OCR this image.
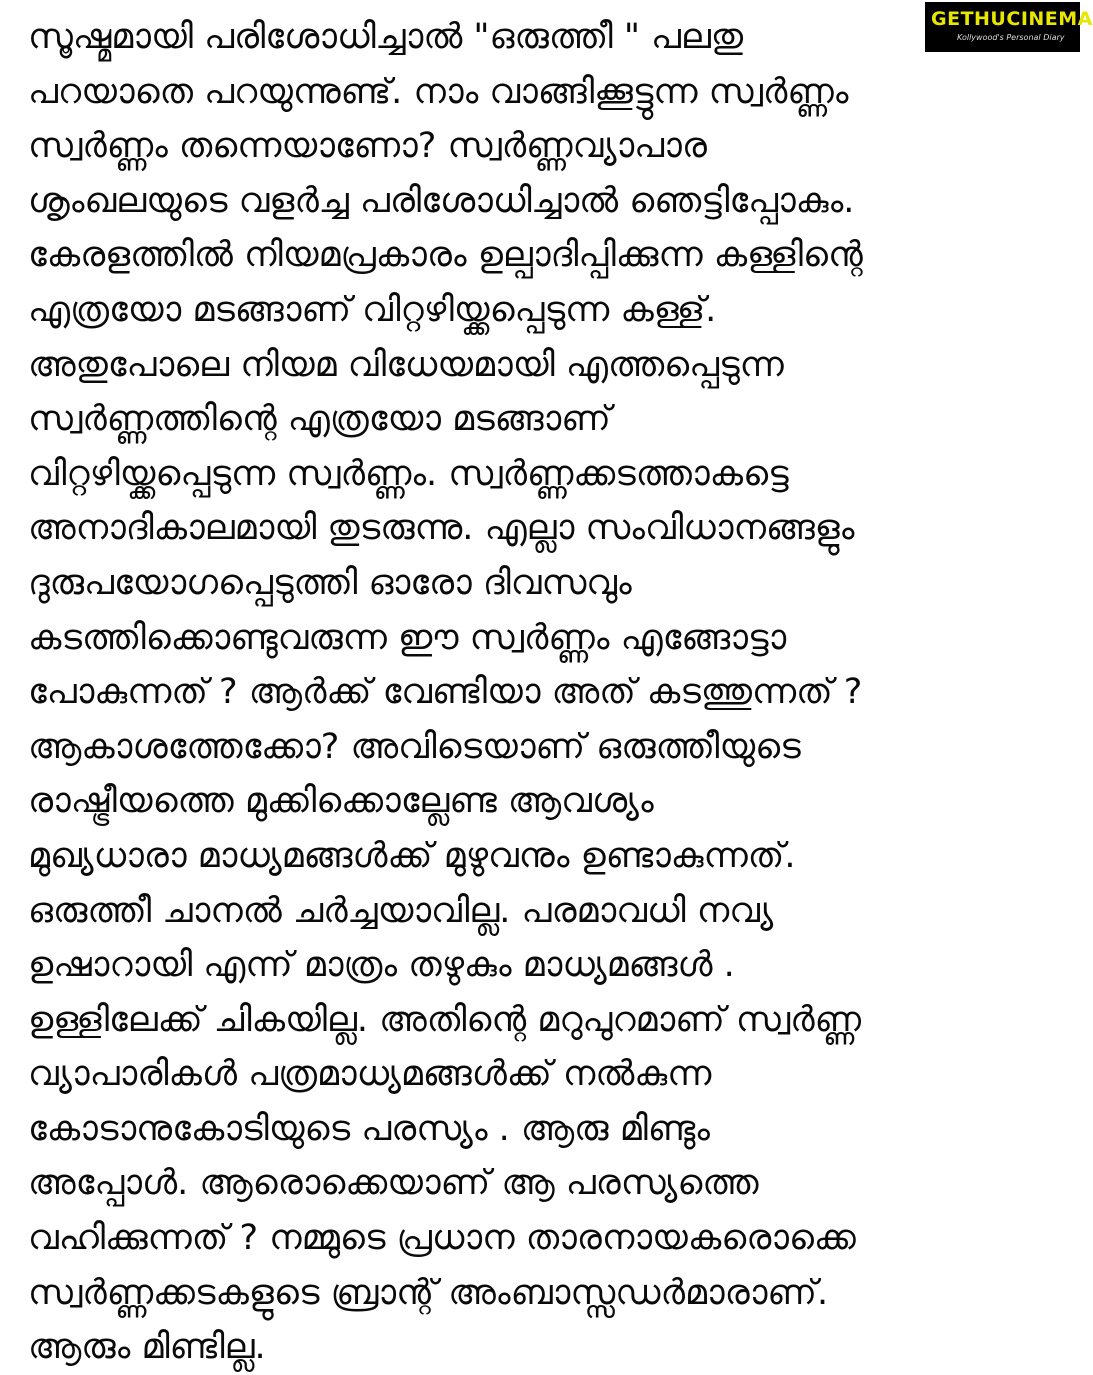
സൂഷ്മമായി പരിശോധിച്ചാൽ "ഒരുത്തീ " പലതു
പറയാതെ പറയുന്നുണ്ട്. നാം വാങ്ങിക്കൂട്ടുന്ന സ്വർണ്ണം
സ്വർണ്ണം തന്നെയാണോ? സ്വർണ്ണവ്യാപാര
ശൃംഖലയുടെ വളർച്ച പരിശോധിച്ചാൽ ഞെട്ടിപ്പോകും.
കേരളത്തിൽ നിയമപ്രകാരം ഉല്പാദിപ്പിക്കുന്ന കള്ളിന്റെ
എത്രയോ മടങ്ങാണ് വിറ്റഴിയ്ക്കപ്പെടുന്ന കള്ള്.
അതുപോലെ നിയമ വിധേയമായി എത്തപ്പെടുന്ന
സ്വർണ്ണത്തിന്റെ എത്രയോ മടങ്ങാണ്
വിറ്റഴിയ്ക്കപ്പെടുന്ന സ്വർണ്ണം. സ്വർണ്ണക്കടത്താകട്ടെ
അനാദികാലമായി തുടരുന്നു. എല്ലാ സംവിധാനങ്ങളും
ദുരുപയോഗപ്പെടുത്തി ഓരോ ദിവസവും
കടത്തിക്കൊണ്ടുവരുന്ന ഈ സ്വർണ്ണം എങ്ങോട്ടാ
പോകുന്നത് ? ആർക്ക് വേണ്ടിയാ അത് കടത്തുന്നത് ?
ആകാശത്തേക്കോ? അവിടെയാണ് ഒരുത്തീയുടെ
രാഷ്ട്രീയത്തെ മുക്കിക്കൊല്ലേണ്ട ആവശ്യം
മുഖ്യധാരാ മാധ്യമങ്ങൾക്ക് മുഴുവനും ഉണ്ടാകുന്നത്.
ഒരുത്തീ ചാനൽ ചർച്ചയാവില്ല. പരമാവധി നവ്യ
ഉഷാറായി എന്ന് മാത്രം തഴുകും മാധ്യമങ്ങൾ .
ഉള്ളിലേക്ക് ചികയില്ല. അതിന്റെ മറുപുറമാണ് സ്വർണ്ണ
വ്യാപാരികൾ പത്രമാധ്യമങ്ങൾക്ക് നൽകുന്ന
കോടാനുകോടിയുടെ പരസ്യം . ആരു മിണ്ടും
അപ്പോൾ. ആരൊക്കെയാണ് ആ പരസ്യത്തെ
വഹിക്കുന്നത് ? നമ്മുടെ പ്രധാന താരനായകരൊക്കെ
സ്വർണ്ണക്കടകളുടെ ബ്രാന്റ് അംബാസ്സഡർമാരാണ്.
ആരും മിണ്ടില്ല.
GETHUCINEMA
Kollywood's Personal Diary
